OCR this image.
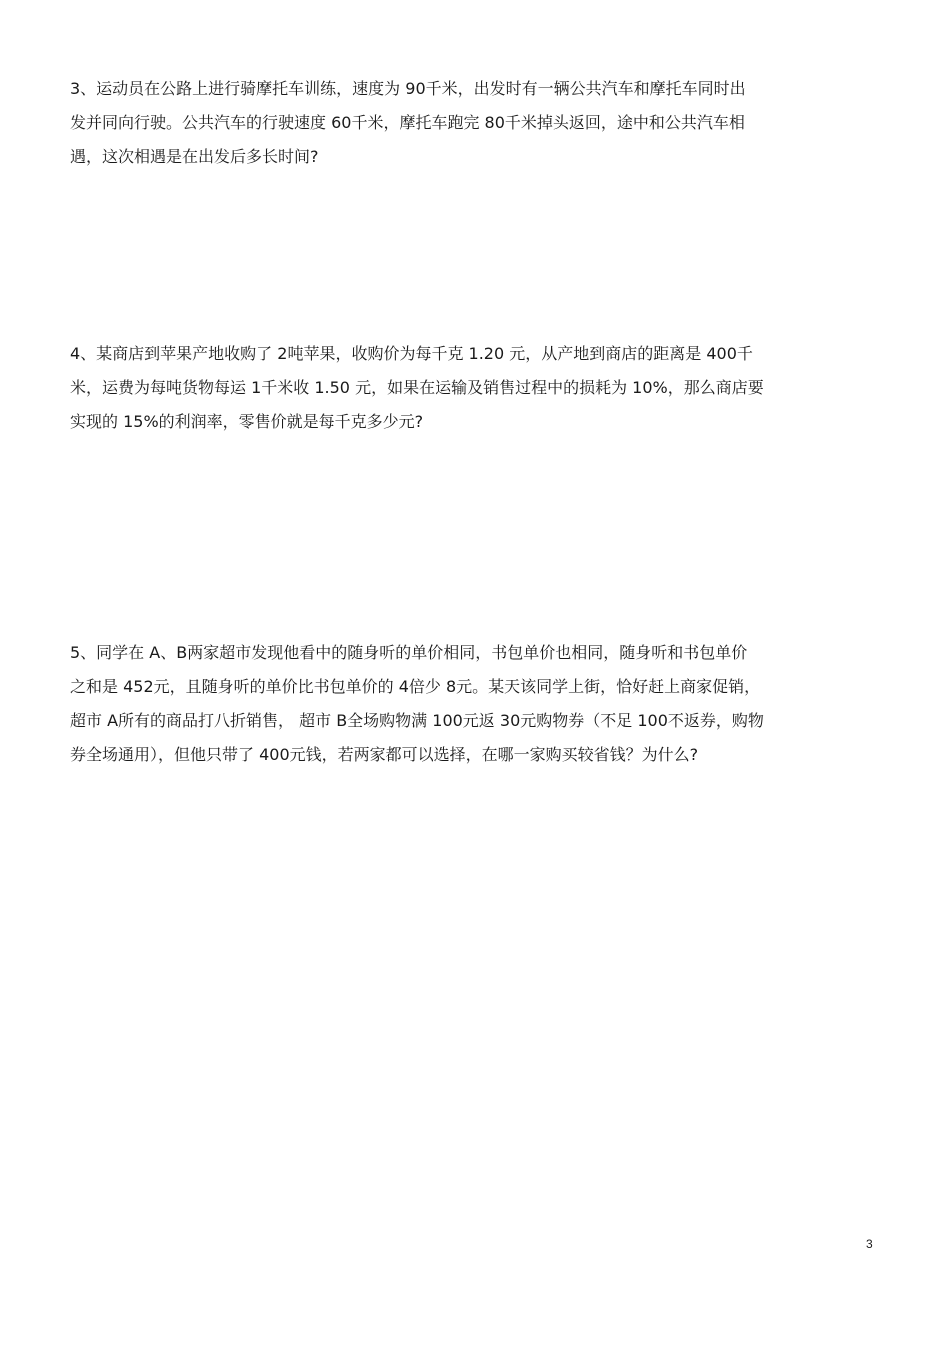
3、运动员在公路上进行骑摩托车训练，速度为 90千米，出发时有一辆公共汽车和摩托车同时出
发并同向行驶。公共汽车的行驶速度 60千米，摩托车跑完 80千米掉头返回，途中和公共汽车相
遇，这次相遇是在出发后多长时间?
4、某商店到苹果产地收购了 2吨苹果，收购价为每千克 1.20 元，从产地到商店的距离是 400千
米，运费为每吨货物每运 1千米收 1.50 元，如果在运输及销售过程中的损耗为 10%，那么商店要
实现的 15%的利润率，零售价就是每千克多少元?
5、同学在 A、B两家超市发现他看中的随身听的单价相同，书包单价也相同，随身听和书包单价
之和是 452元，且随身听的单价比书包单价的 4倍少 8元。某天该同学上街，恰好赶上商家促销，
超市 A所有的商品打八折销售， 超市 B全场购物满 100元返 30元购物券（不足 100不返券，购物
券全场通用），但他只带了 400元钱，若两家都可以选择，在哪一家购买较省钱？为什么?
3
